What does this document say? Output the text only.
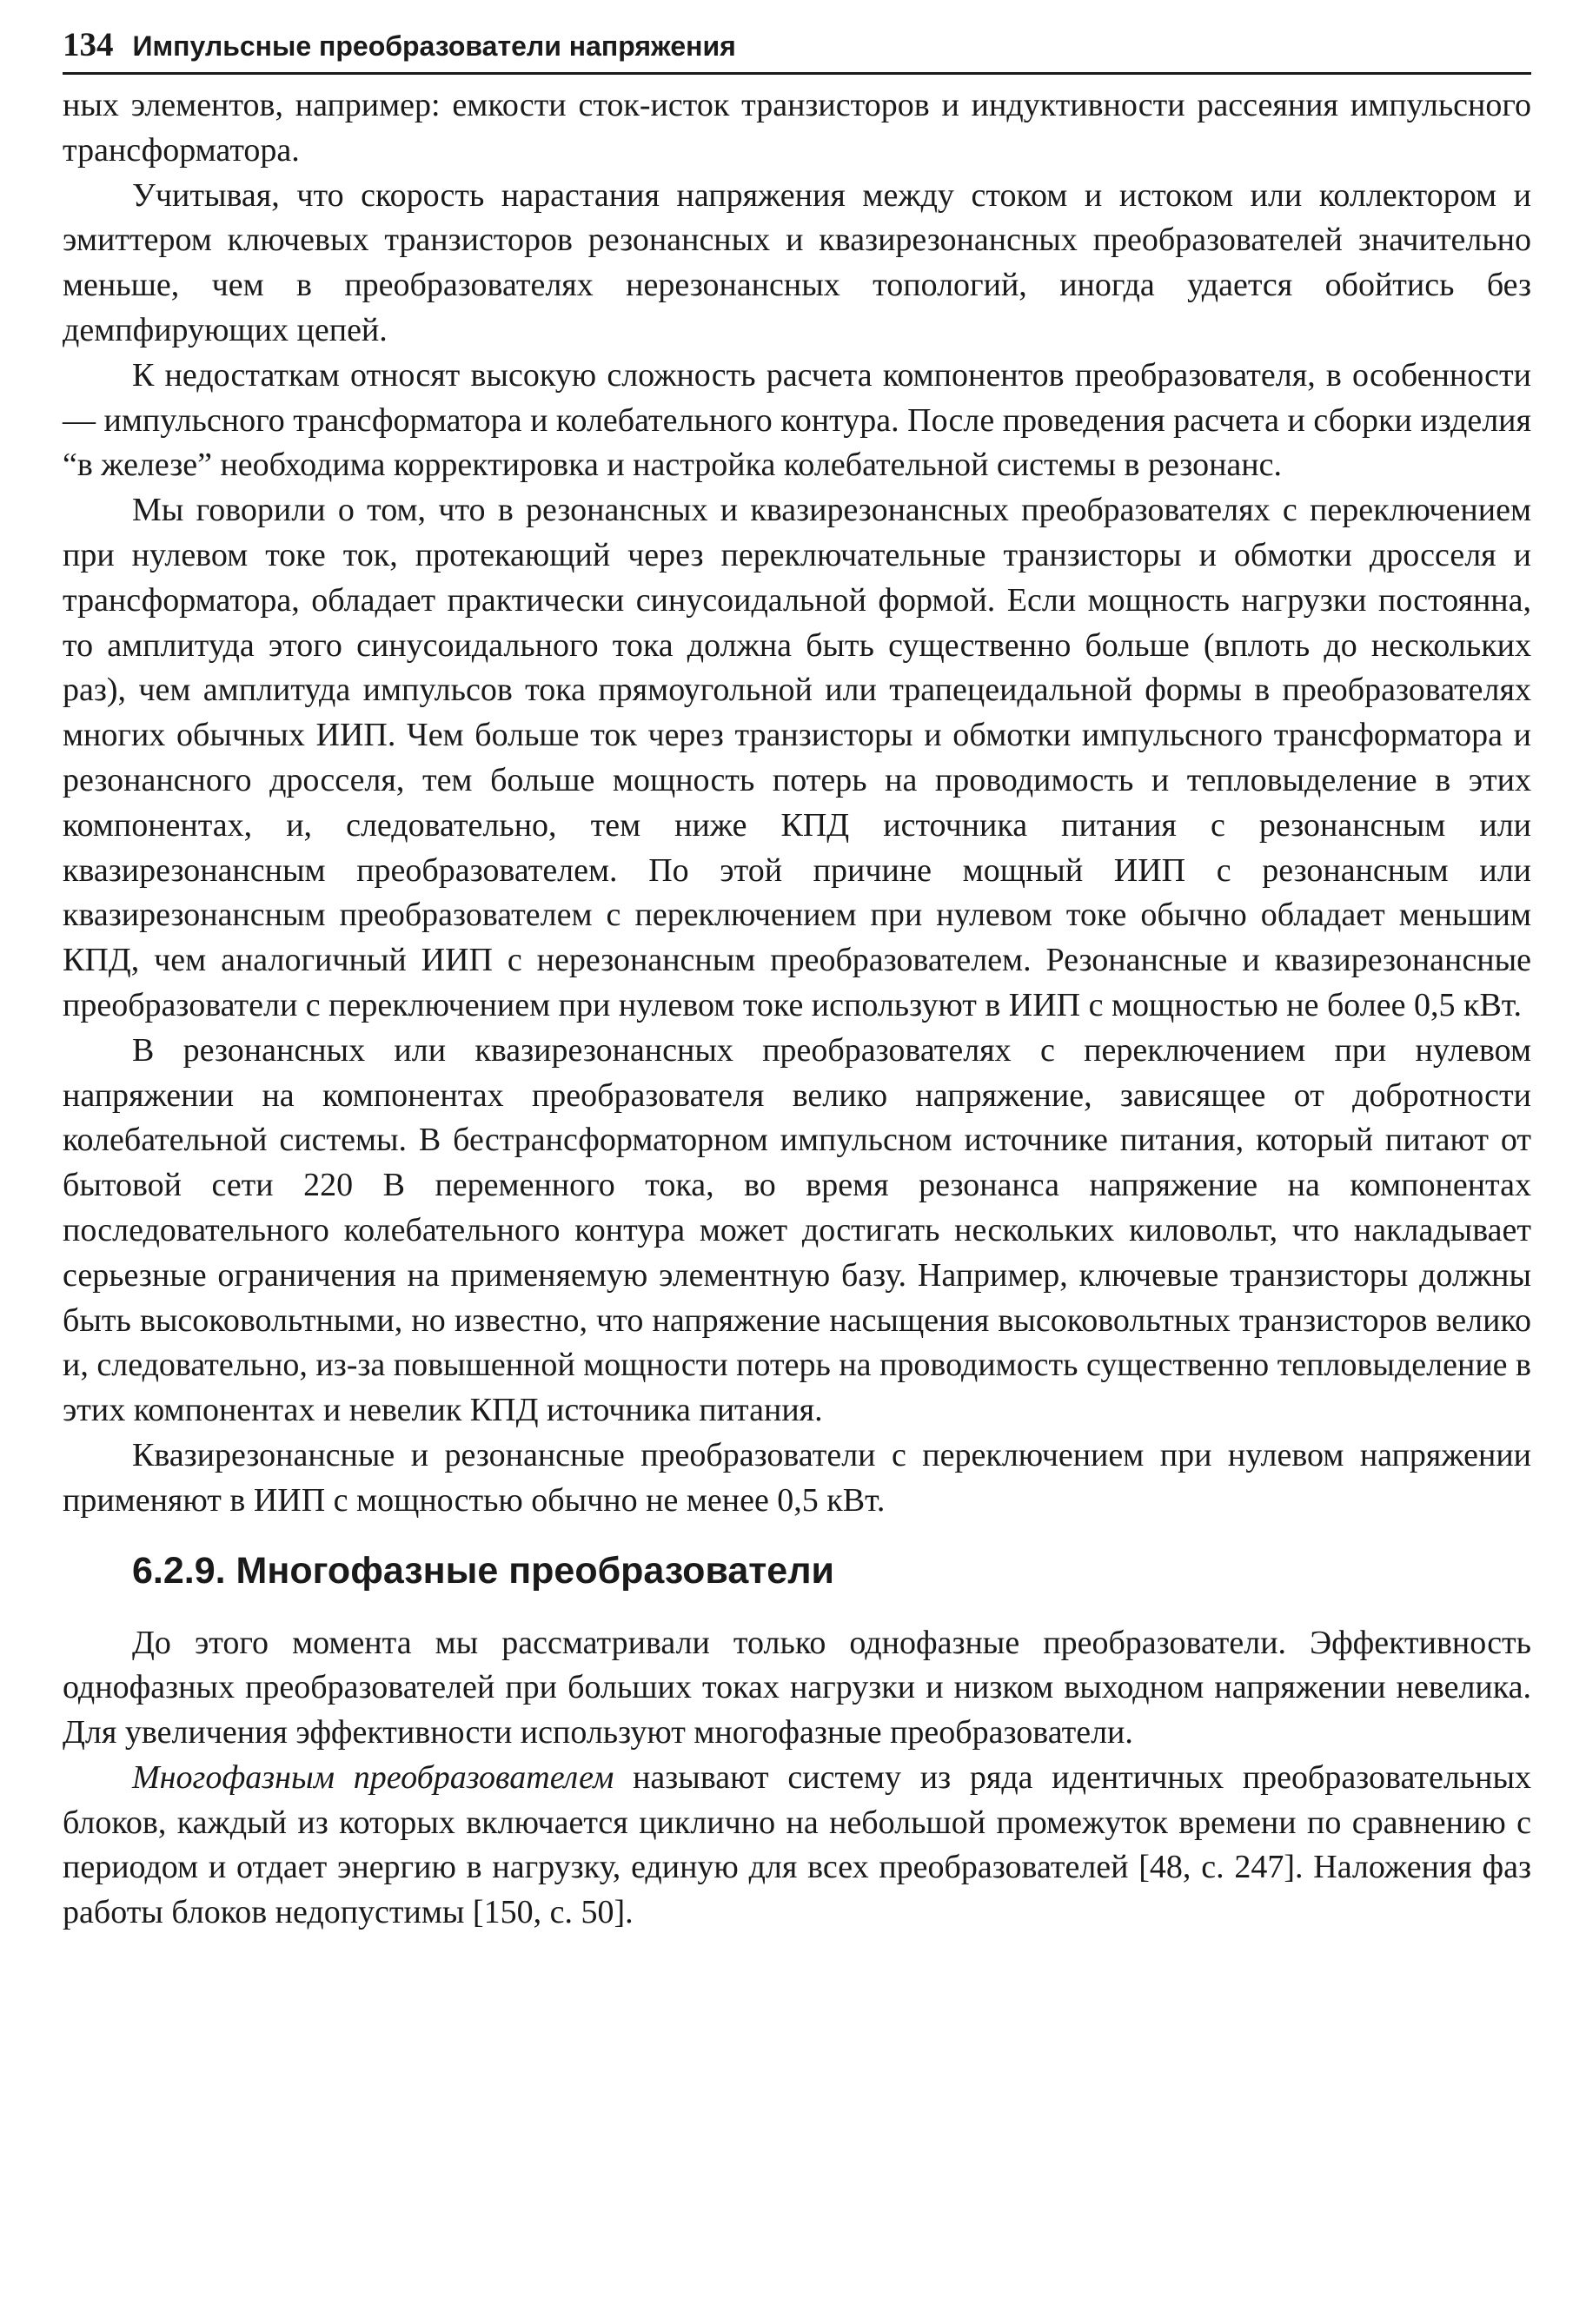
134 Импульсные преобразователи напряжения

ных элементов, например: емкости сток-исток транзисторов и индуктивности рассеяния импульсного трансформатора.

Учитывая, что скорость нарастания напряжения между стоком и истоком или коллектором и эмиттером ключевых транзисторов резонансных и квазирезонансных преобразователей значительно меньше, чем в преобразователях нерезонансных топологий, иногда удается обойтись без демпфирующих цепей.

К недостаткам относят высокую сложность расчета компонентов преобразователя, в особенности — импульсного трансформатора и колебательного контура. После проведения расчета и сборки изделия “в железе” необходима корректировка и настройка колебательной системы в резонанс.

Мы говорили о том, что в резонансных и квазирезонансных преобразователях с переключением при нулевом токе ток, протекающий через переключательные транзисторы и обмотки дросселя и трансформатора, обладает практически синусоидальной формой. Если мощность нагрузки постоянна, то амплитуда этого синусоидального тока должна быть существенно больше (вплоть до нескольких раз), чем амплитуда импульсов тока прямоугольной или трапецеидальной формы в преобразователях многих обычных ИИП. Чем больше ток через транзисторы и обмотки импульсного трансформатора и резонансного дросселя, тем больше мощность потерь на проводимость и тепловыделение в этих компонентах, и, следовательно, тем ниже КПД источника питания с резонансным или квазирезонансным преобразователем. По этой причине мощный ИИП с резонансным или квазирезонансным преобразователем с переключением при нулевом токе обычно обладает меньшим КПД, чем аналогичный ИИП с нерезонансным преобразователем. Резонансные и квазирезонансные преобразователи с переключением при нулевом токе используют в ИИП с мощностью не более 0,5 кВт.

В резонансных или квазирезонансных преобразователях с переключением при нулевом напряжении на компонентах преобразователя велико напряжение, зависящее от добротности колебательной системы. В бестрансформаторном импульсном источнике питания, который питают от бытовой сети 220 В переменного тока, во время резонанса напряжение на компонентах последовательного колебательного контура может достигать нескольких киловольт, что накладывает серьезные ограничения на применяемую элементную базу. Например, ключевые транзисторы должны быть высоковольтными, но известно, что напряжение насыщения высоковольтных транзисторов велико и, следовательно, из-за повышенной мощности потерь на проводимость существенно тепловыделение в этих компонентах и невелик КПД источника питания.

Квазирезонансные и резонансные преобразователи с переключением при нулевом напряжении применяют в ИИП с мощностью обычно не менее 0,5 кВт.

6.2.9. Многофазные преобразователи

До этого момента мы рассматривали только однофазные преобразователи. Эффективность однофазных преобразователей при больших токах нагрузки и низком выходном напряжении невелика. Для увеличения эффективности используют многофазные преобразователи.

Многофазным преобразователем называют систему из ряда идентичных преобразовательных блоков, каждый из которых включается циклично на небольшой промежуток времени по сравнению с периодом и отдает энергию в нагрузку, единую для всех преобразователей [48, с. 247]. Наложения фаз работы блоков недопустимы [150, с. 50].
